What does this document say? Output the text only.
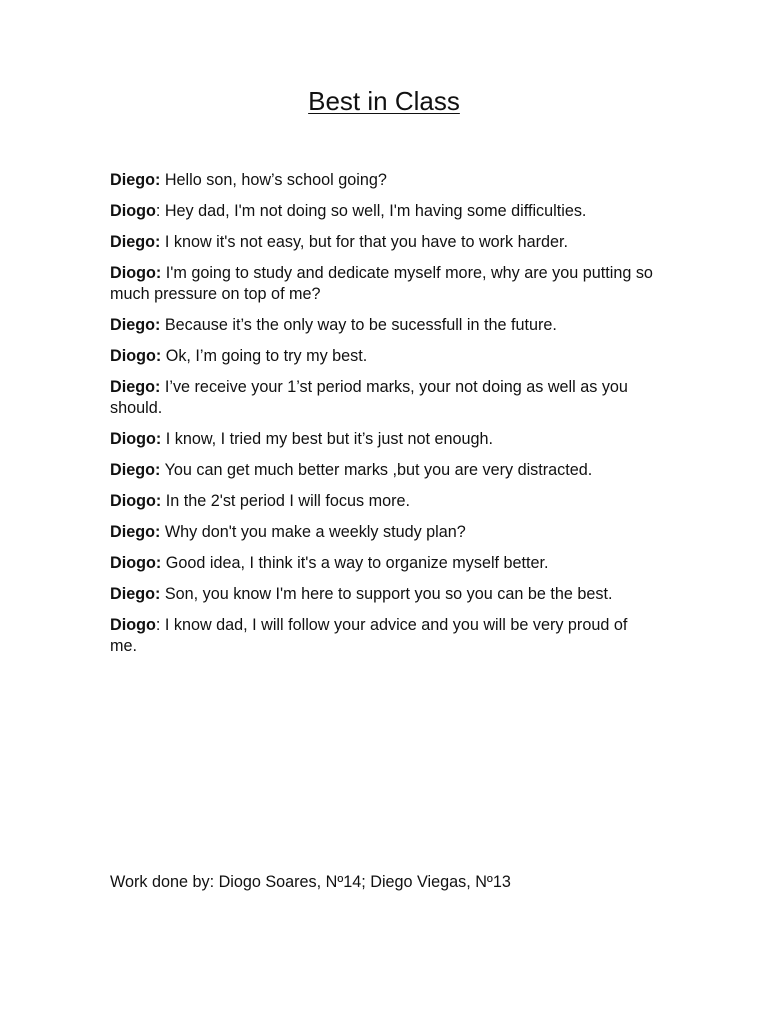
Best in Class

Diego: Hello son, how’s school going?

Diogo: Hey dad, I'm not doing so well, I'm having some difficulties.

Diego: I know it's not easy, but for that you have to work harder.

Diogo: I'm going to study and dedicate myself more, why are you putting so much pressure on top of me?

Diego: Because it’s the only way to be sucessfull in the future.

Diogo: Ok, I’m going to try my best.

Diego: I’ve receive your 1’st period marks, your not doing as well as you should.

Diogo: I know, I tried my best but it’s just not enough.

Diego: You can get much better marks ,but you are very distracted.

Diogo: In the 2'st period I will focus more.

Diego: Why don't you make a weekly study plan?

Diogo: Good idea, I think it's a way to organize myself better.

Diego: Son, you know I'm here to support you so you can be the best.

Diogo: I know dad, I will follow your advice and you will be very proud of me.

Work done by: Diogo Soares, Nº14; Diego Viegas, Nº13
